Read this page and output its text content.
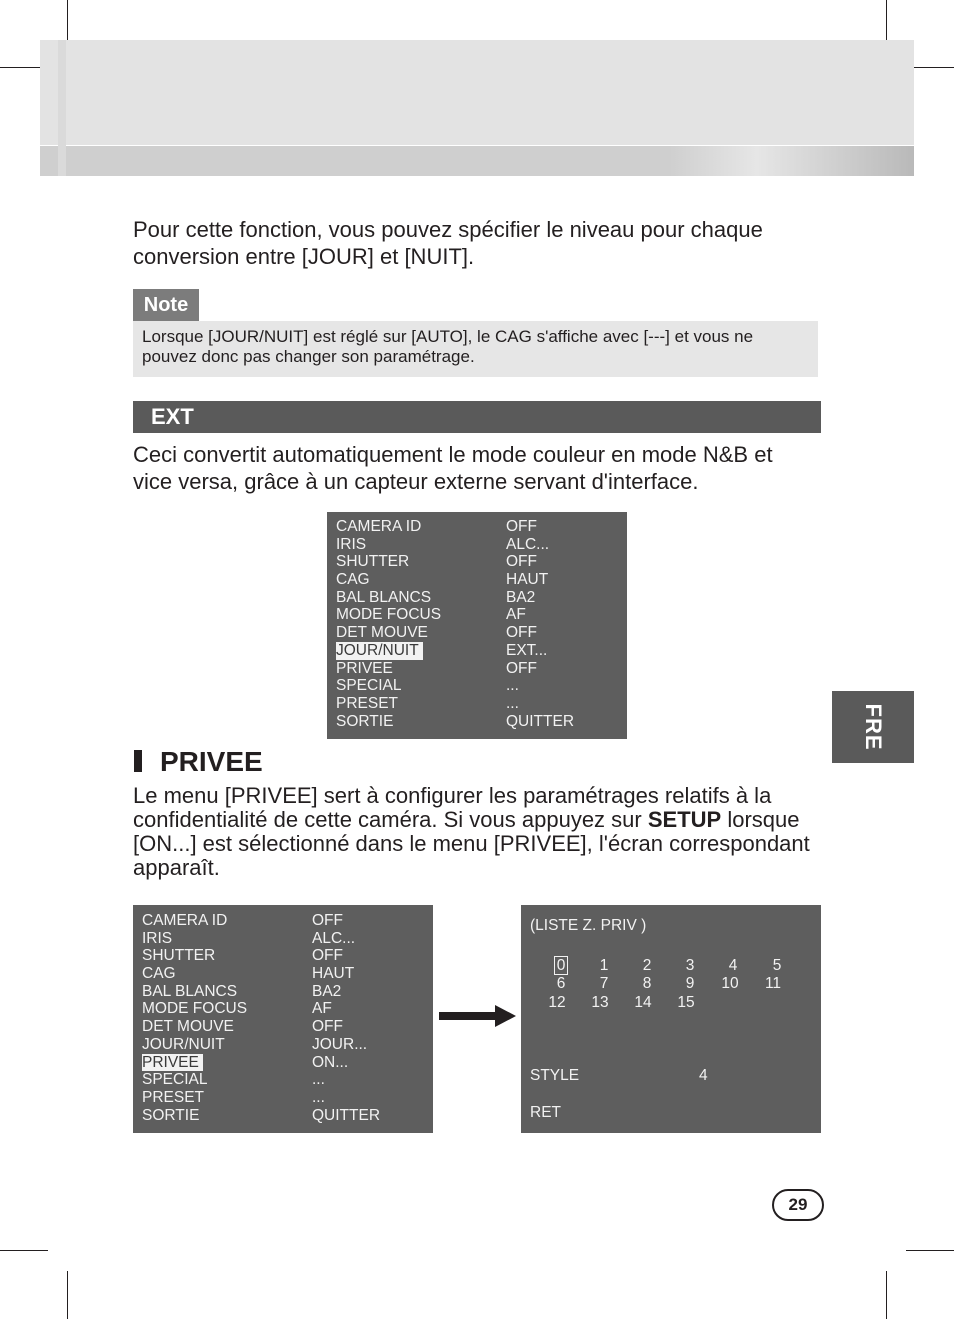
Pour cette fonction, vous pouvez spécifier le niveau pour chaque
conversion entre [JOUR] et [NUIT].
Note
Lorsque [JOUR/NUIT] est réglé sur [AUTO], le CAG s'affiche avec [---] et vous ne
pouvez donc pas changer son paramétrage.
EXT
Ceci convertit automatiquement le mode couleur en mode N&B et
vice versa, grâce à un capteur externe servant d'interface.
CAMERA ID	OFF
IRIS	ALC...
SHUTTER	OFF
CAG	HAUT
BAL BLANCS	BA2
MODE FOCUS	AF
DET MOUVE	OFF
JOUR/NUIT	EXT...
PRIVEE	OFF
SPECIAL	...
PRESET	...
SORTIE	QUITTER
PRIVEE
Le menu [PRIVEE] sert à configurer les paramétrages relatifs à la
confidentialité de cette caméra. Si vous appuyez sur SETUP lorsque
[ON...] est sélectionné dans le menu [PRIVEE], l'écran correspondant
apparaît.
CAMERA ID	OFF
IRIS	ALC...
SHUTTER	OFF
CAG	HAUT
BAL BLANCS	BA2
MODE FOCUS	AF
DET MOUVE	OFF
JOUR/NUIT	JOUR...
PRIVEE	ON...
SPECIAL	...
PRESET	...
SORTIE	QUITTER
(LISTE Z. PRIV )
0	1	2	3	4	5
6	7	8	9	10	11
12	13	14	15
STYLE	4
RET
FRE
29
